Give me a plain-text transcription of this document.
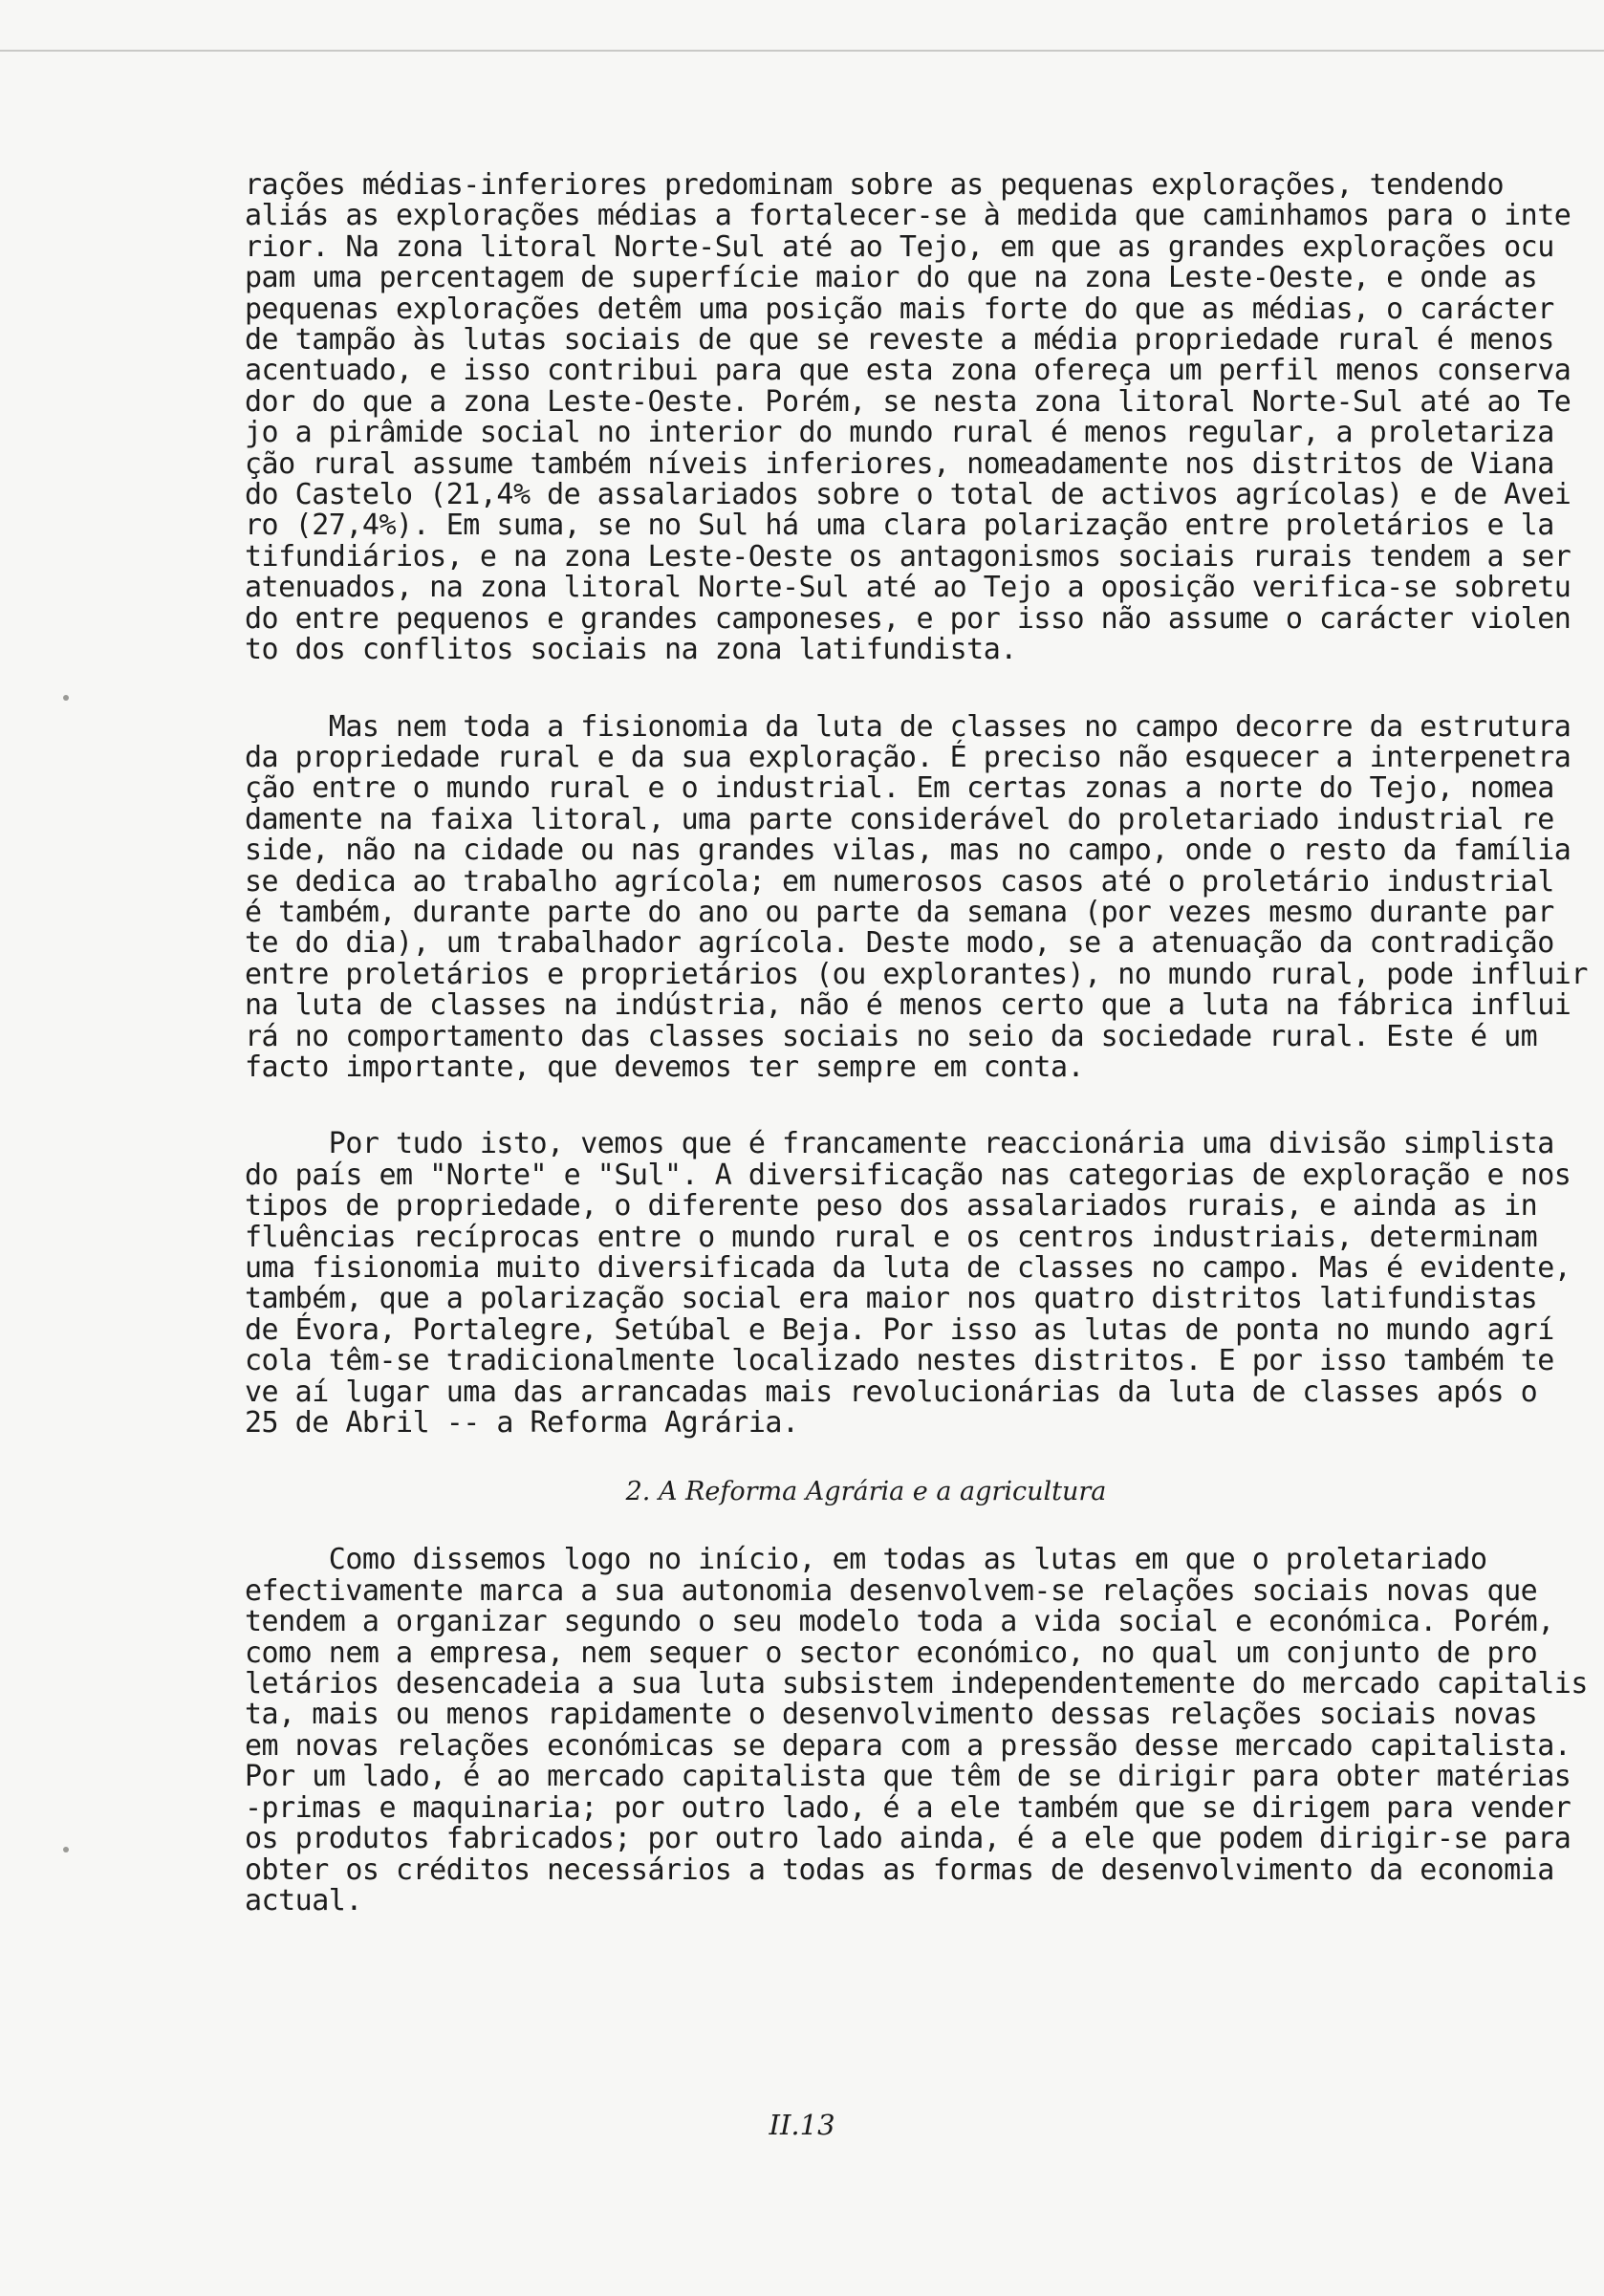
rações médias-inferiores predominam sobre as pequenas explorações, tendendo
aliás as explorações médias a fortalecer-se à medida que caminhamos para o inte
rior. Na zona litoral Norte-Sul até ao Tejo, em que as grandes explorações ocu
pam uma percentagem de superfície maior do que na zona Leste-Oeste, e onde as
pequenas explorações detêm uma posição mais forte do que as médias, o carácter
de tampão às lutas sociais de que se reveste a média propriedade rural é menos
acentuado, e isso contribui para que esta zona ofereça um perfil menos conserva
dor do que a zona Leste-Oeste. Porém, se nesta zona litoral Norte-Sul até ao Te
jo a pirâmide social no interior do mundo rural é menos regular, a proletariza
ção rural assume também níveis inferiores, nomeadamente nos distritos de Viana
do Castelo (21,4% de assalariados sobre o total de activos agrícolas) e de Avei
ro (27,4%). Em suma, se no Sul há uma clara polarização entre proletários e la
tifundiários, e na zona Leste-Oeste os antagonismos sociais rurais tendem a ser
atenuados, na zona litoral Norte-Sul até ao Tejo a oposição verifica-se sobretu
do entre pequenos e grandes camponeses, e por isso não assume o carácter violen
to dos conflitos sociais na zona latifundista.
Mas nem toda a fisionomia da luta de classes no campo decorre da estrutura
da propriedade rural e da sua exploração. É preciso não esquecer a interpenetra
ção entre o mundo rural e o industrial. Em certas zonas a norte do Tejo, nomea
damente na faixa litoral, uma parte considerável do proletariado industrial re
side, não na cidade ou nas grandes vilas, mas no campo, onde o resto da família
se dedica ao trabalho agrícola; em numerosos casos até o proletário industrial
é também, durante parte do ano ou parte da semana (por vezes mesmo durante par
te do dia), um trabalhador agrícola. Deste modo, se a atenuação da contradição
entre proletários e proprietários (ou explorantes), no mundo rural, pode influir
na luta de classes na indústria, não é menos certo que a luta na fábrica influi
rá no comportamento das classes sociais no seio da sociedade rural. Este é um
facto importante, que devemos ter sempre em conta.
Por tudo isto, vemos que é francamente reaccionária uma divisão simplista
do país em "Norte" e "Sul". A diversificação nas categorias de exploração e nos
tipos de propriedade, o diferente peso dos assalariados rurais, e ainda as in
fluências recíprocas entre o mundo rural e os centros industriais, determinam
uma fisionomia muito diversificada da luta de classes no campo. Mas é evidente,
também, que a polarização social era maior nos quatro distritos latifundistas
de Évora, Portalegre, Setúbal e Beja. Por isso as lutas de ponta no mundo agrí
cola têm-se tradicionalmente localizado nestes distritos. E por isso também te
ve aí lugar uma das arrancadas mais revolucionárias da luta de classes após o
25 de Abril -- a Reforma Agrária.
2. A Reforma Agrária e a agricultura
Como dissemos logo no início, em todas as lutas em que o proletariado
efectivamente marca a sua autonomia desenvolvem-se relações sociais novas que
tendem a organizar segundo o seu modelo toda a vida social e económica. Porém,
como nem a empresa, nem sequer o sector económico, no qual um conjunto de pro
letários desencadeia a sua luta subsistem independentemente do mercado capitalis
ta, mais ou menos rapidamente o desenvolvimento dessas relações sociais novas
em novas relações económicas se depara com a pressão desse mercado capitalista.
Por um lado, é ao mercado capitalista que têm de se dirigir para obter matérias
-primas e maquinaria; por outro lado, é a ele também que se dirigem para vender
os produtos fabricados; por outro lado ainda, é a ele que podem dirigir-se para
obter os créditos necessários a todas as formas de desenvolvimento da economia
actual.
II.13
